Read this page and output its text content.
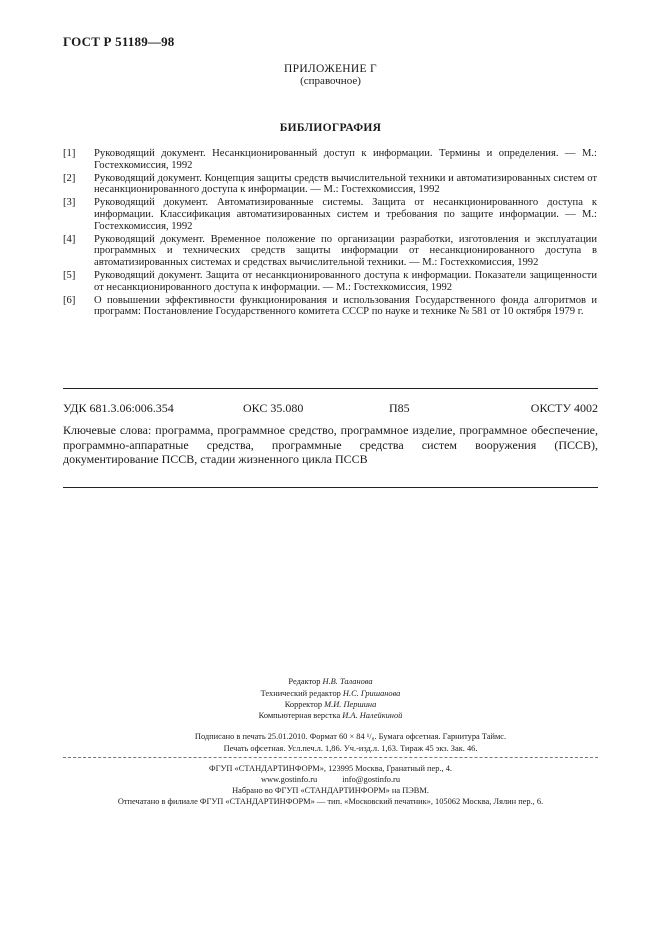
ГОСТ Р 51189—98
ПРИЛОЖЕНИЕ Г
(справочное)
БИБЛИОГРАФИЯ
[1]	Руководящий документ. Несанкционированный доступ к информации. Термины и определения. — М.: Гостехкомиссия, 1992
[2]	Руководящий документ. Концепция защиты средств вычислительной техники и автоматизированных систем от несанкционированного доступа к информации. — М.: Гостехкомиссия, 1992
[3]	Руководящий документ. Автоматизированные системы. Защита от несанкционированного доступа к информации. Классификация автоматизированных систем и требования по защите информации. — М.: Гостехкомиссия, 1992
[4]	Руководящий документ. Временное положение по организации разработки, изготовления и эксплуатации программных и технических средств защиты информации от несанкционированного доступа в автоматизированных системах и средствах вычислительной техники. — М.: Гостехкомиссия, 1992
[5]	Руководящий документ. Защита от несанкционированного доступа к информации. Показатели защищенности от несанкционированного доступа к информации. — М.: Гостехкомиссия, 1992
[6]	О повышении эффективности функционирования и использования Государственного фонда алгоритмов и программ: Постановление Государственного комитета СССР по науке и технике № 581 от 10 октября 1979 г.
УДК 681.3.06:006.354	ОКС 35.080	П85	ОКСТУ 4002
Ключевые слова: программа, программное средство, программное изделие, программное обеспечение, программно-аппаратные средства, программные средства систем вооружения (ПССВ), документирование ПССВ, стадии жизненного цикла ПССВ
Редактор Н.В. Таланова
Технический редактор Н.С. Гришанова
Корректор М.И. Першина
Компьютерная верстка И.А. Налейкиной
Подписано в печать 25.01.2010. Формат 60 × 84 ¹/₈. Бумага офсетная. Гарнитура Таймс.
Печать офсетная. Усл.печ.л. 1,86. Уч.-изд.л. 1,63. Тираж 45 экз. Зак. 46.
ФГУП «СТАНДАРТИНФОРМ», 123995 Москва, Гранатный пер., 4.
www.gostinfo.ru	info@gostinfo.ru
Набрано во ФГУП «СТАНДАРТИНФОРМ» на ПЭВМ.
Отпечатано в филиале ФГУП «СТАНДАРТИНФОРМ» — тип. «Московский печатник», 105062 Москва, Лялин пер., 6.
